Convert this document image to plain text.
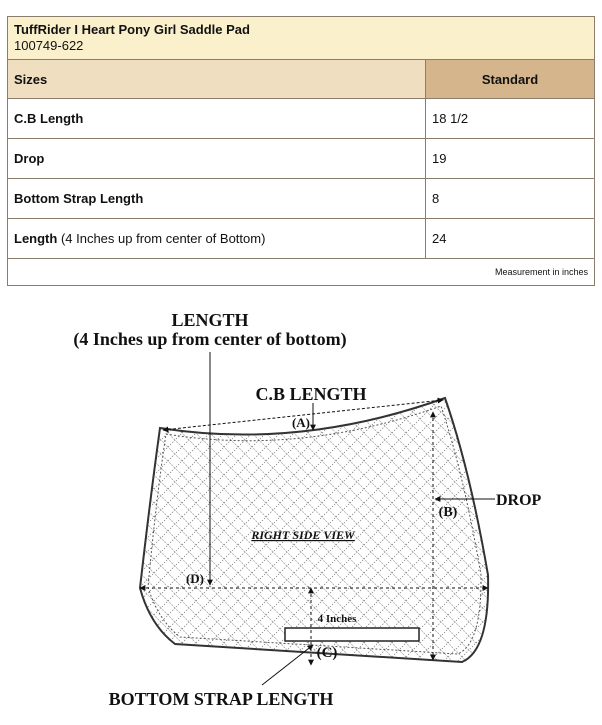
TuffRider I Heart Pony Girl Saddle Pad
100749-622	
Sizes	Standard
C.B Length	18 1/2
Drop	19
Bottom Strap Length	8
Length (4 Inches up from center of Bottom)	24
Measurement in inches	
LENGTH
(4 Inches up from center of bottom)
C.B LENGTH
(A)
DROP
(B)
RIGHT SIDE VIEW
(D)
4 Inches
(C)
BOTTOM STRAP LENGTH
